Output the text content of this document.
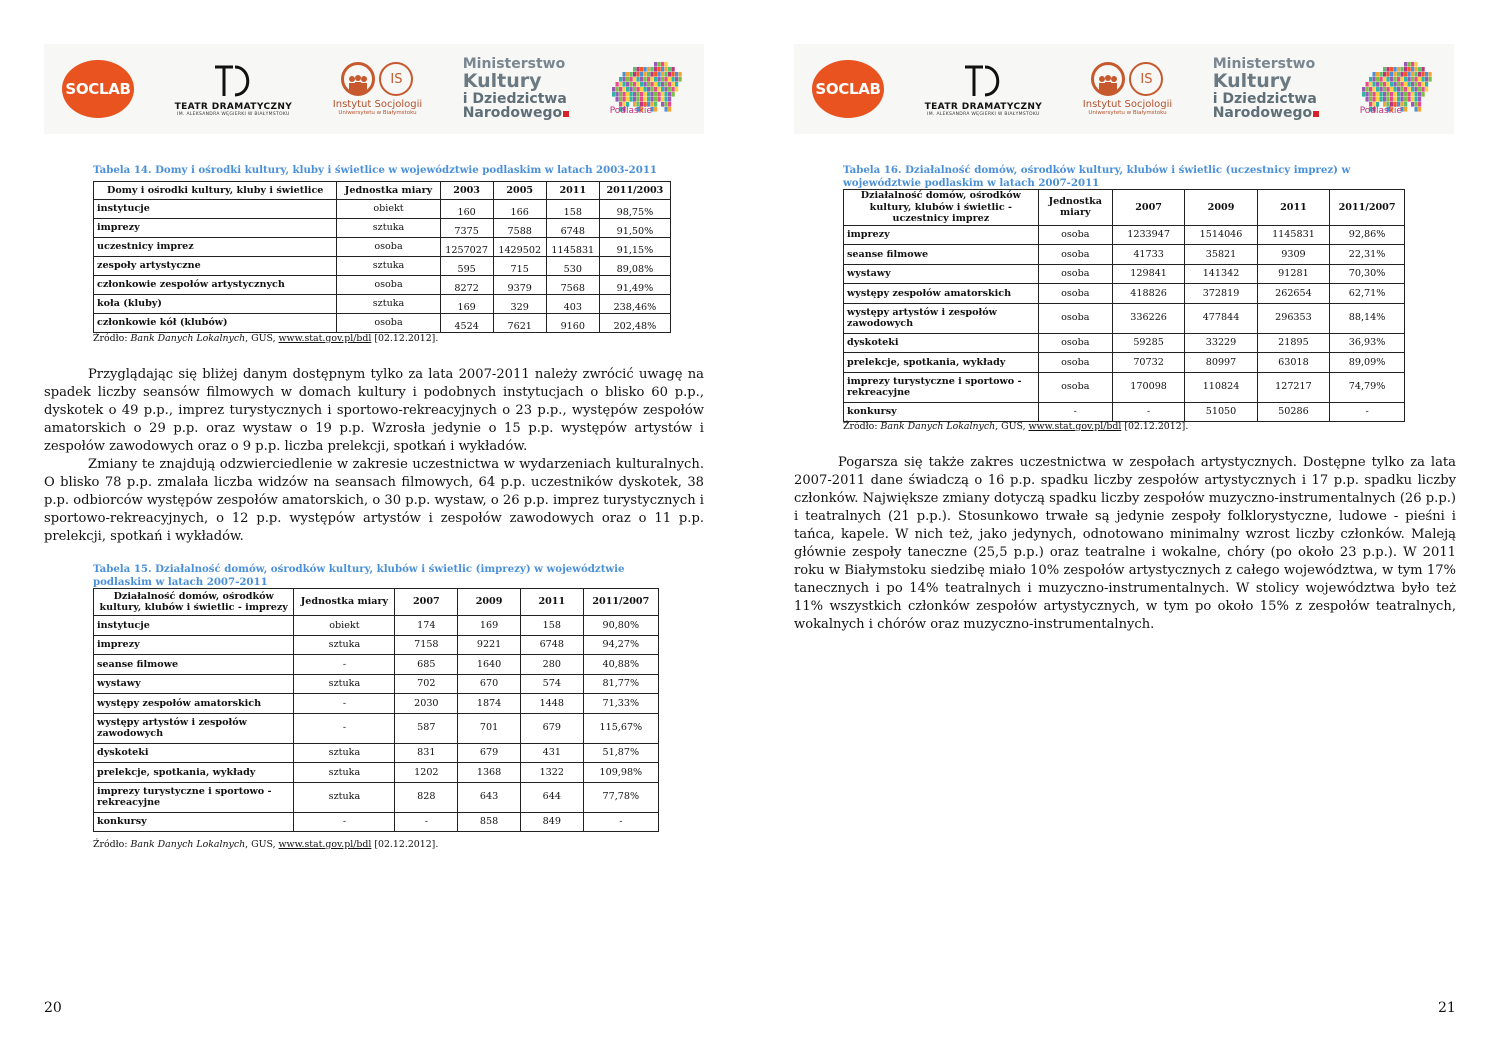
SOCLAB
TEATR DRAMATYCZNY
IM. ALEKSANDRA WĘGIERKI W BIAŁYMSTOKU
IS
Instytut Socjologii
Uniwersytetu w Białymstoku
Ministerstwo
Kultury
i Dziedzictwa
Narodowego	Podlaskie
Tabela 14. Domy i ośrodki kultury, kluby i świetlice w województwie podlaskim w latach 2003-2011
Domy i ośrodki kultury, kluby i świetlice	Jednostka miary	2003	2005	2011	2011/2003
instytucje	obiekt	160	166	158	98,75%
imprezy	sztuka	7375	7588	6748	91,50%
uczestnicy imprez	osoba	1257027	1429502	1145831	91,15%
zespoły artystyczne	sztuka	595	715	530	89,08%
członkowie zespołów artystycznych	osoba	8272	9379	7568	91,49%
koła (kluby)	sztuka	169	329	403	238,46%
członkowie kół (klubów)	osoba	4524	7621	9160	202,48%
Źródło: Bank Danych Lokalnych, GUS, www.stat.gov.pl/bdl [02.12.2012].

Przyglądając się bliżej danym dostępnym tylko za lata 2007-2011 należy zwrócić uwagę na spadek liczby seansów filmowych w domach kultury i podobnych instytucjach o blisko 60 p.p., dyskotek o 49 p.p., imprez turystycznych i sportowo-rekreacyjnych o 23 p.p., występów zespołów amatorskich o 29 p.p. oraz wystaw o 19 p.p. Wzrosła jedynie o 15 p.p. występów artystów i zespołów zawodowych oraz o 9 p.p. liczba prelekcji, spotkań i wykładów.

Zmiany te znajdują odzwierciedlenie w zakresie uczestnictwa w wydarzeniach kulturalnych. O blisko 78 p.p. zmalała liczba widzów na seansach filmowych, 64 p.p. uczestników dyskotek, 38 p.p. odbiorców występów zespołów amatorskich, o 30 p.p. wystaw, o 26 p.p. imprez turystycznych i sportowo-rekreacyjnych, o 12 p.p. występów artystów i zespołów zawodowych oraz o 11 p.p. prelekcji, spotkań i wykładów.

Tabela 15. Działalność domów, ośrodków kultury, klubów i świetlic (imprezy) w województwie podlaskim w latach 2007-2011
Działalność domów, ośrodków kultury, klubów i świetlic - imprezy	Jednostka miary	2007	2009	2011	2011/2007
instytucje	obiekt	174	169	158	90,80%
imprezy	sztuka	7158	9221	6748	94,27%
seanse filmowe	-	685	1640	280	40,88%
wystawy	sztuka	702	670	574	81,77%
występy zespołów amatorskich	-	2030	1874	1448	71,33%
występy artystów i zespołów zawodowych	-	587	701	679	115,67%
dyskoteki	sztuka	831	679	431	51,87%
prelekcje, spotkania, wykłady	sztuka	1202	1368	1322	109,98%
imprezy turystyczne i sportowo - rekreacyjne	sztuka	828	643	644	77,78%
konkursy	-	-	858	849	-
Źródło: Bank Danych Lokalnych, GUS, www.stat.gov.pl/bdl [02.12.2012].
20
SOCLAB
TEATR DRAMATYCZNY
IM. ALEKSANDRA WĘGIERKI W BIAŁYMSTOKU
IS
Instytut Socjologii
Uniwersytetu w Białymstoku
Ministerstwo
Kultury
i Dziedzictwa
Narodowego	Podlaskie
Tabela 16. Działalność domów, ośrodków kultury, klubów i świetlic (uczestnicy imprez) w województwie podlaskim w latach 2007-2011
Działalność domów, ośrodków kultury, klubów i świetlic - uczestnicy imprez	Jednostka miary	2007	2009	2011	2011/2007
imprezy	osoba	1233947	1514046	1145831	92,86%
seanse filmowe	osoba	41733	35821	9309	22,31%
wystawy	osoba	129841	141342	91281	70,30%
występy zespołów amatorskich	osoba	418826	372819	262654	62,71%
występy artystów i zespołów zawodowych	osoba	336226	477844	296353	88,14%
dyskoteki	osoba	59285	33229	21895	36,93%
prelekcje, spotkania, wykłady	osoba	70732	80997	63018	89,09%
imprezy turystyczne i sportowo - rekreacyjne	osoba	170098	110824	127217	74,79%
konkursy	-	-	51050	50286	-
Źródło: Bank Danych Lokalnych, GUS, www.stat.gov.pl/bdl [02.12.2012].

Pogarsza się także zakres uczestnictwa w zespołach artystycznych. Dostępne tylko za lata 2007-2011 dane świadczą o 16 p.p. spadku liczby zespołów artystycznych i 17 p.p. spadku liczby członków. Największe zmiany dotyczą spadku liczby zespołów muzyczno-instrumentalnych (26 p.p.) i teatralnych (21 p.p.). Stosunkowo trwałe są jedynie zespoły folklorystyczne, ludowe - pieśni i tańca, kapele. W nich też, jako jedynych, odnotowano minimalny wzrost liczby członków. Maleją głównie zespoły taneczne (25,5 p.p.) oraz teatralne i wokalne, chóry (po około 23 p.p.). W 2011 roku w Białymstoku siedzibę miało 10% zespołów artystycznych z całego województwa, w tym 17% tanecznych i po 14% teatralnych i muzyczno-instrumentalnych. W stolicy województwa było też 11% wszystkich członków zespołów artystycznych, w tym po około 15% z zespołów teatralnych, wokalnych i chórów oraz muzyczno-instrumentalnych.

21
